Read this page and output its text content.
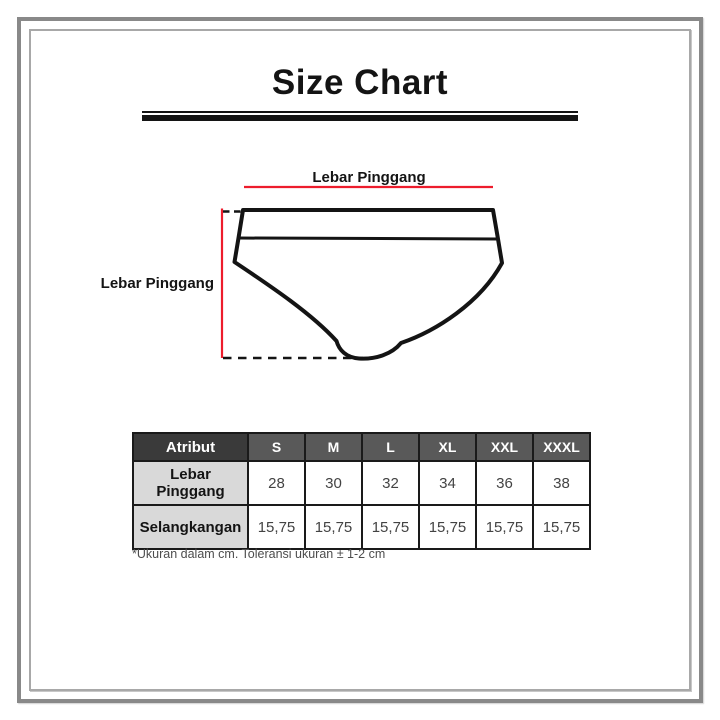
Size Chart
Lebar Pinggang
Lebar Pinggang
Atribut	S	M	L	XL	XXL	XXXL
Lebar Pinggang	28	30	32	34	36	38
Selangkangan	15,75	15,75	15,75	15,75	15,75	15,75
*Ukuran dalam cm. Toleransi ukuran ± 1-2 cm
